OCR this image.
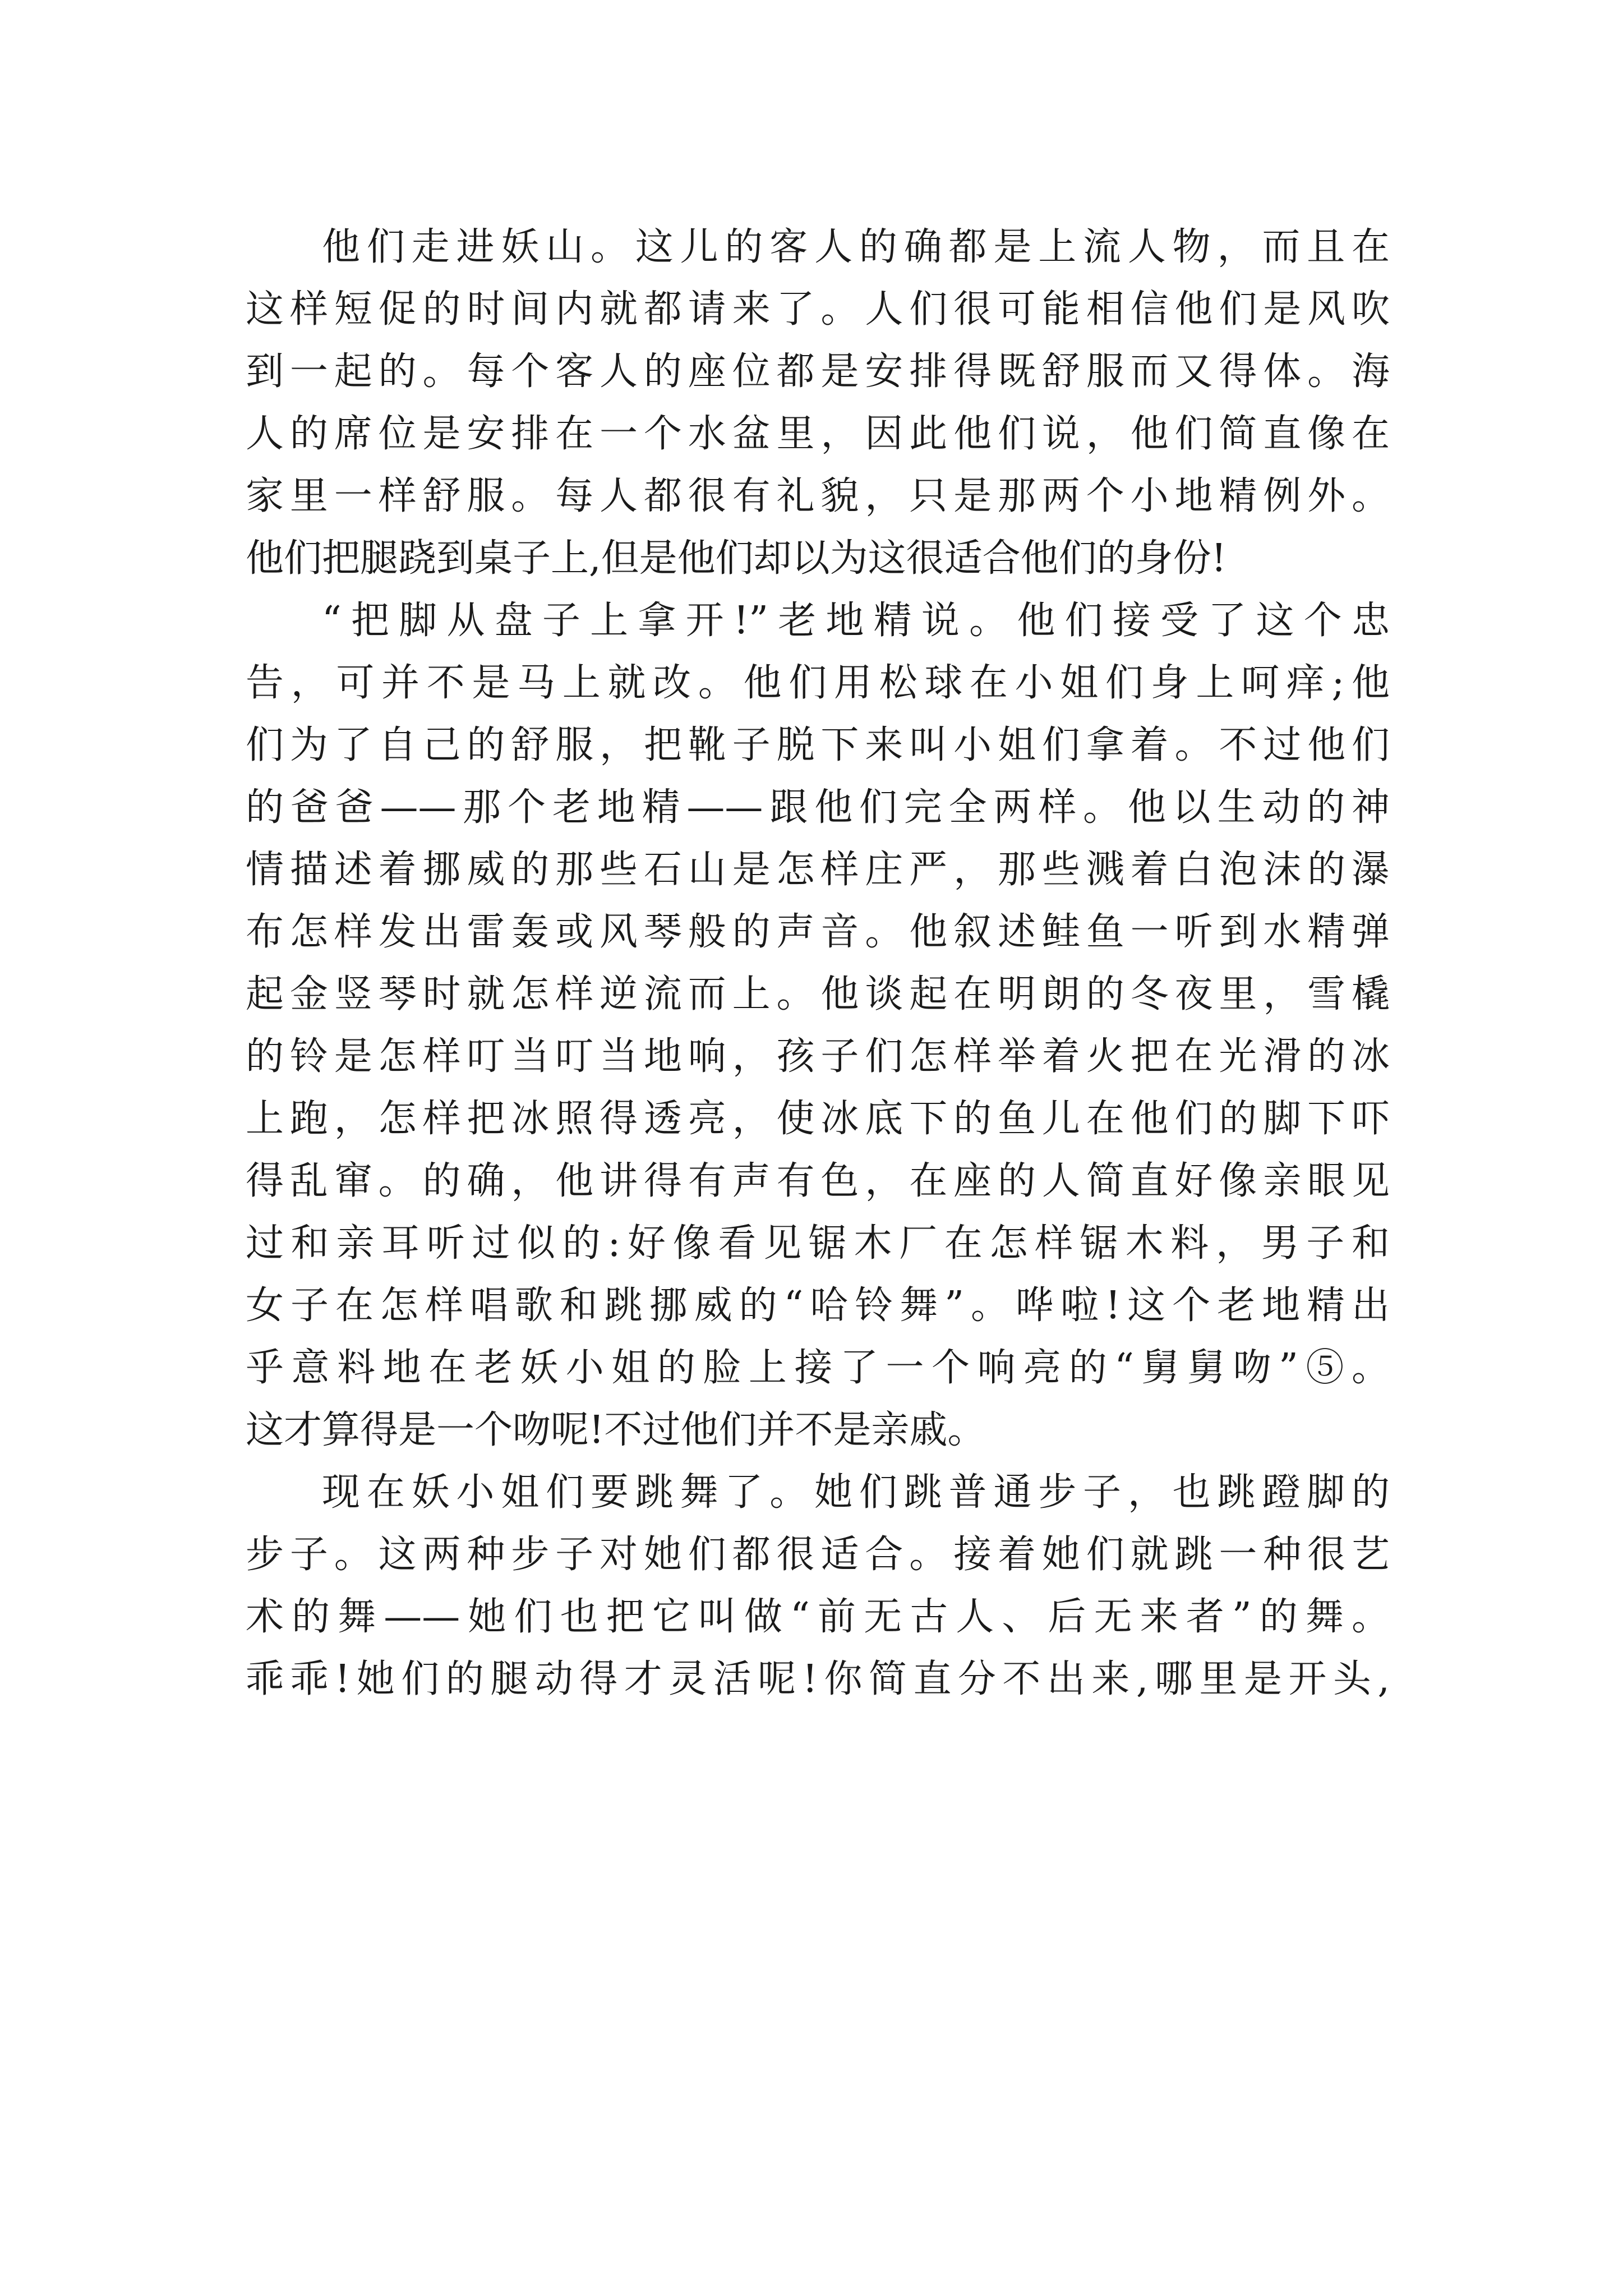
他们走进妖山。这儿的客人的确都是上流人物，而且在
这样短促的时间内就都请来了。人们很可能相信他们是风吹
到一起的。每个客人的座位都是安排得既舒服而又得体。海
人的席位是安排在一个水盆里，因此他们说，他们简直像在
家里一样舒服。每人都很有礼貌，只是那两个小地精例外。
他们把腿跷到桌子上,但是他们却以为这很适合他们的身份!
“把脚从盘子上拿开!”老地精说。他们接受了这个忠
告，可并不是马上就改。他们用松球在小姐们身上呵痒;他
们为了自己的舒服，把靴子脱下来叫小姐们拿着。不过他们
的爸爸——那个老地精——跟他们完全两样。他以生动的神
情描述着挪威的那些石山是怎样庄严，那些溅着白泡沫的瀑
布怎样发出雷轰或风琴般的声音。他叙述鲑鱼一听到水精弹
起金竖琴时就怎样逆流而上。他谈起在明朗的冬夜里，雪橇
的铃是怎样叮当叮当地响，孩子们怎样举着火把在光滑的冰
上跑，怎样把冰照得透亮，使冰底下的鱼儿在他们的脚下吓
得乱窜。的确，他讲得有声有色，在座的人简直好像亲眼见
过和亲耳听过似的:好像看见锯木厂在怎样锯木料，男子和
女子在怎样唱歌和跳挪威的“哈铃舞”。哗啦!这个老地精出
乎意料地在老妖小姐的脸上接了一个响亮的“舅舅吻”⑤。
这才算得是一个吻呢!不过他们并不是亲戚。
现在妖小姐们要跳舞了。她们跳普通步子，也跳蹬脚的
步子。这两种步子对她们都很适合。接着她们就跳一种很艺
术的舞——她们也把它叫做“前无古人、后无来者”的舞。
乖乖!她们的腿动得才灵活呢!你简直分不出来,哪里是开头,
